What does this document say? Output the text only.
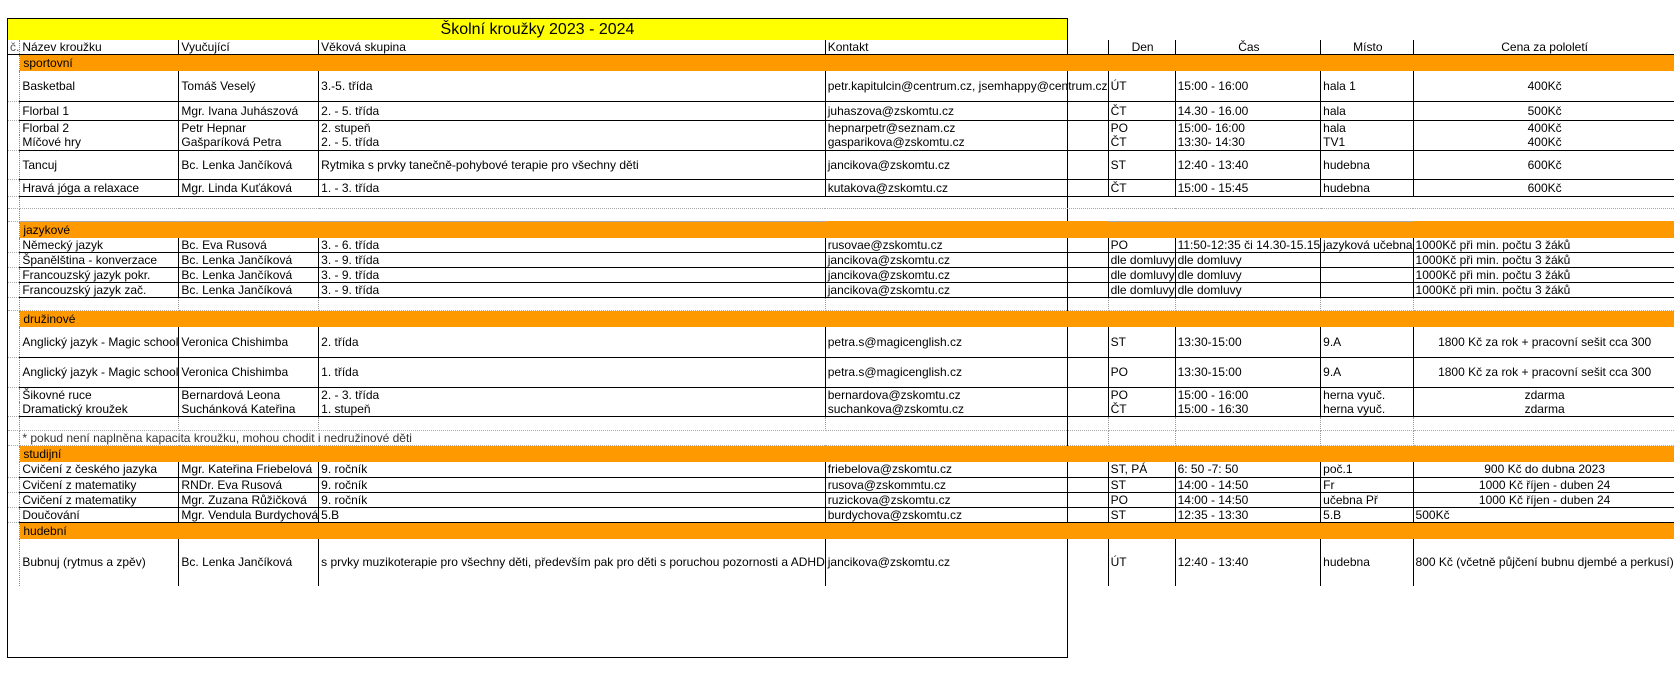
Školní kroužky 2023 - 2024
č.	Název kroužku	Vyučující	Věková skupina	Kontakt	Den	Čas	Místo	Cena za pololetí
	sportovní							
	Basketbal	Tomáš Veselý	3.-5. třída	petr.kapitulcin@centrum.cz, jsemhappy@centrum.cz	ÚT	15:00 - 16:00	hala 1	400Kč
	Florbal 1	Mgr. Ivana Juhászová	2. - 5. třída	juhaszova@zskomtu.cz	ČT	14.30 - 16.00	hala	500Kč
	Florbal 2	Petr Hepnar	2. stupeň	hepnarpetr@seznam.cz	PO	15:00- 16:00	hala	400Kč
	Míčové hry	Gašparíková Petra	2. - 5. třída	gasparikova@zskomtu.cz	ČT	13:30- 14:30	TV1	400Kč
	Tancuj	Bc. Lenka Jančíková	Rytmika s prvky tanečně-pohybové terapie pro všechny děti	jancikova@zskomtu.cz	ST	12:40 - 13:40	hudebna	600Kč
	Hravá jóga a relaxace	Mgr. Linda Kuťáková	1. - 3. třída	kutakova@zskomtu.cz	ČT	15:00 - 15:45	hudebna	600Kč

	jazykové							
	Německý jazyk	Bc. Eva Rusová	3. - 6. třída	rusovae@zskomtu.cz	PO	11:50-12:35 či 14.30-15.15	jazyková učebna	1000Kč při min. počtu 3 žáků
	Španělština - konverzace	Bc. Lenka Jančíková	3. - 9. třída	jancikova@zskomtu.cz	dle domluvy	dle domluvy		1000Kč při min. počtu 3 žáků
	Francouzský jazyk pokr.	Bc. Lenka Jančíková	3. - 9. třída	jancikova@zskomtu.cz	dle domluvy	dle domluvy		1000Kč při min. počtu 3 žáků
	Francouzský jazyk zač.	Bc. Lenka Jančíková	3. - 9. třída	jancikova@zskomtu.cz	dle domluvy	dle domluvy		1000Kč při min. počtu 3 žáků

	družinové							
	Anglický jazyk - Magic school	Veronica Chishimba	2. třída	petra.s@magicenglish.cz	ST	13:30-15:00	9.A	1800 Kč za rok + pracovní sešit cca 300
	Anglický jazyk - Magic school	Veronica Chishimba	1. třída	petra.s@magicenglish.cz	PO	13:30-15:00	9.A	1800 Kč za rok + pracovní sešit cca 300
	Šikovné ruce	Bernardová Leona	2. - 3. třída	bernardova@zskomtu.cz	PO	15:00 - 16:00	herna vyuč.	zdarma
	Dramatický kroužek	Suchánková Kateřina	1. stupeň	suchankova@zskomtu.cz	ČT	15:00 - 16:30	herna vyuč.	zdarma

	* pokud není naplněna kapacita kroužku, mohou chodit i nedružinové děti							
	studijní							
	Cvičení z českého jazyka	Mgr. Kateřina Friebelová	9. ročník	friebelova@zskomtu.cz	ST, PÁ	6: 50 -7: 50	poč.1	900 Kč do dubna 2023
	Cvičení z matematiky	RNDr. Eva Rusová	9. ročník	rusova@zskommtu.cz	ST	14:00 - 14:50	Fr	1000 Kč říjen - duben 24
	Cvičení z matematiky	Mgr. Zuzana Růžičková	9. ročník	ruzickova@zskomtu.cz	PO	14:00 - 14:50	učebna Př	1000 Kč říjen - duben 24
	Doučování	Mgr. Vendula Burdychová	5.B	burdychova@zskomtu.cz	ST	12:35 - 13:30	5.B	500Kč
	hudební							
	Bubnuj (rytmus a zpěv)	Bc. Lenka Jančíková	s prvky muzikoterapie pro všechny děti, především pak pro děti s poruchou pozornosti a ADHD	jancikova@zskomtu.cz	ÚT	12:40 - 13:40	hudebna	800 Kč (včetně půjčení bubnu djembé a perkusí)
